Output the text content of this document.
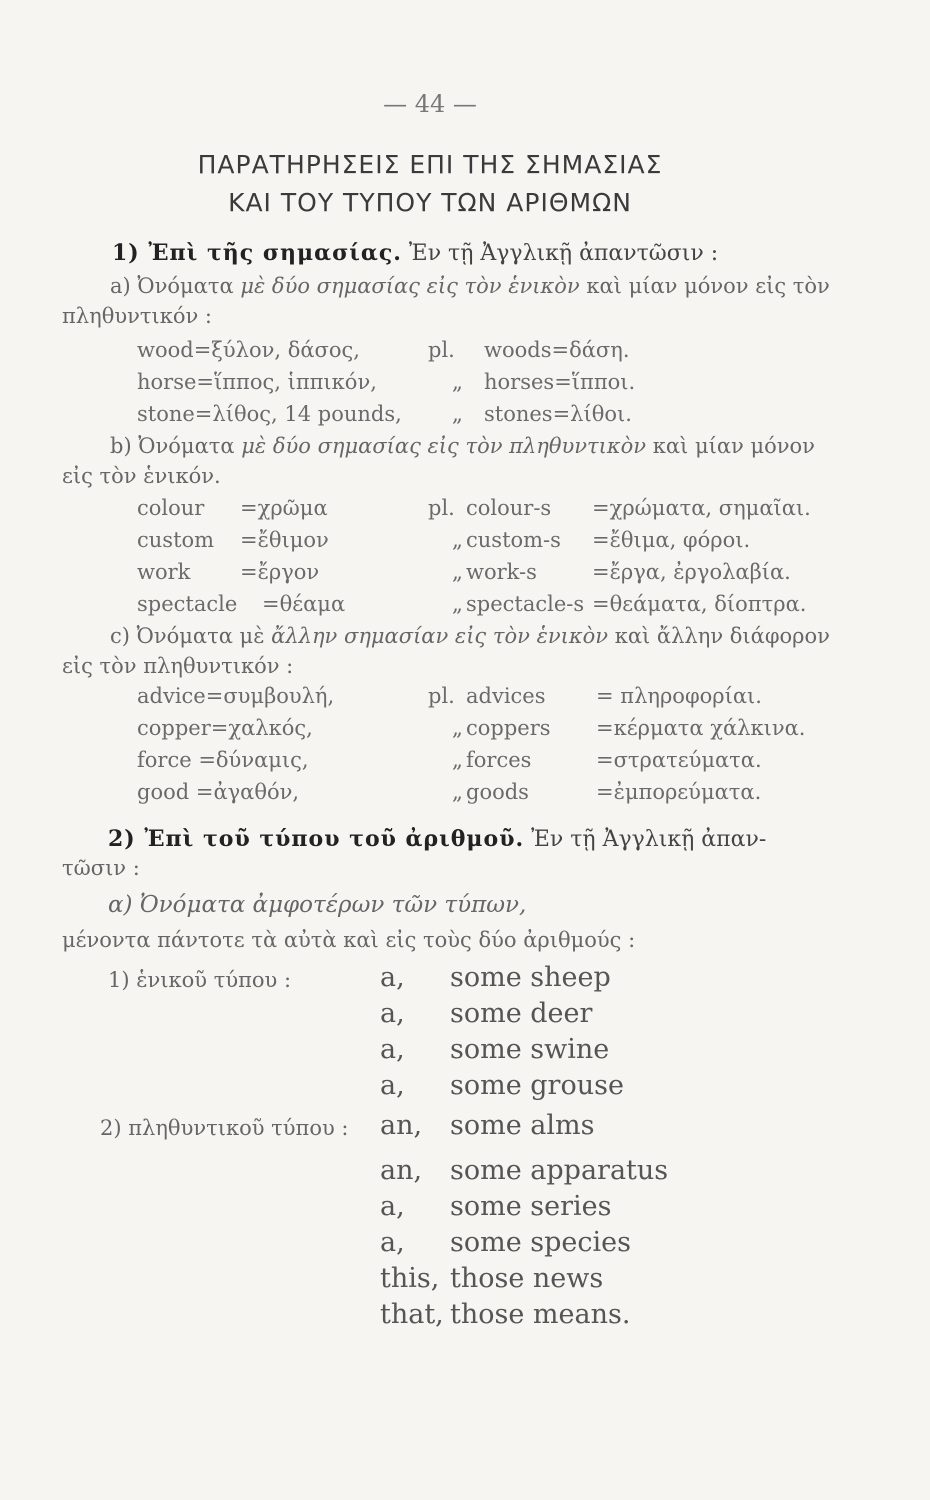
— 44 —
ΠΑΡΑΤΗΡΗΣΕΙΣ ΕΠΙ ΤΗΣ ΣΗΜΑΣΙΑΣ
ΚΑΙ ΤΟΥ ΤΥΠΟΥ ΤΩΝ ΑΡΙΘΜΩΝ
1) Ἐπὶ τῆς σημασίας. Ἐν τῇ Ἀγγλικῇ ἀπαντῶσιν :
a) Ὀνόματα μὲ δύο σημασίας εἰς τὸν ἑνικὸν καὶ μίαν μόνον εἰς τὸν
πληθυντικόν :
wood=ξύλον, δάσος,	pl. woods=δάση.
horse=ἵππος, ἱππικόν,	„ horses=ἵπποι.
stone=λίθος, 14 pounds, „ stones=λίθοι.
b) Ὀνόματα μὲ δύο σημασίας εἰς τὸν πληθυντικὸν καὶ μίαν μόνον
εἰς τὸν ἑνικόν.
colour =χρῶμα	pl. colour-s =χρώματα, σημαῖαι.
custom =ἔθιμον	„ custom-s =ἔθιμα, φόροι.
work =ἔργον	„ work-s	=ἔργα, ἐργολαβία.
spectacle =θέαμα	„ spectacle-s =θεάματα, δίοπτρα.
c) Ὀνόματα μὲ ἄλλην σημασίαν εἰς τὸν ἑνικὸν καὶ ἄλλην διάφορον
εἰς τὸν πληθυντικόν :
advice=συμβουλή,	pl. advices = πληροφορίαι.
copper=χαλκός,	„ coppers =κέρματα χάλκινα.
force =δύναμις,	„ forces	=στρατεύματα.
good =ἀγαθόν,	„ goods	=ἐμπορεύματα.
2) Ἐπὶ τοῦ τύπου τοῦ ἀριθμοῦ. Ἐν τῇ Ἀγγλικῇ ἀπαν-
τῶσιν :
α) Ὀνόματα ἀμφοτέρων τῶν τύπων,
μένοντα πάντοτε τὰ αὐτὰ καὶ εἰς τοὺς δύο ἀριθμούς :
1) ἑνικοῦ τύπου :	a, some sheep
a, some deer
a, some swine
a, some grouse
2) πληθυντικοῦ τύπου : an, some alms
an, some apparatus
a, some series
a, some species
this, those news
that, those means.
